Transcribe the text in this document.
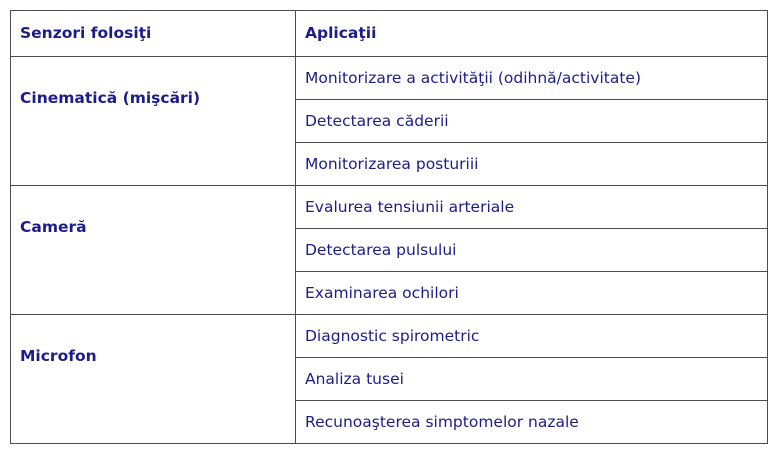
Senzori folosiţi	Aplicaţii
Cinematică (mişcări)	Monitorizare a activităţii (odihnă/activitate)
	Detectarea căderii
	Monitorizarea posturiii
Cameră	Evalurea tensiunii arteriale
	Detectarea pulsului
	Examinarea ochilori
Microfon	Diagnostic spirometric
	Analiza tusei
	Recunoaşterea simptomelor nazale
